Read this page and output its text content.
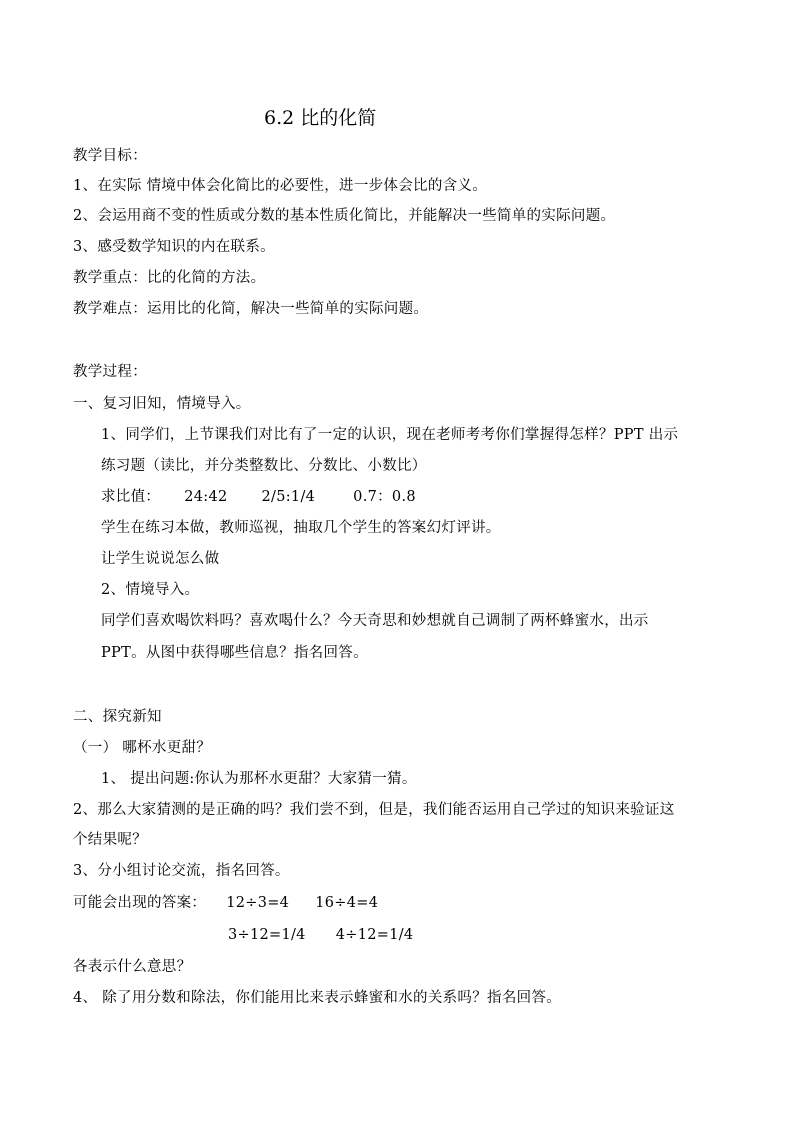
6.2 比的化简
教学目标：
1、在实际 情境中体会化简比的必要性，进一步体会比的含义。
2、会运用商不变的性质或分数的基本性质化简比，并能解决一些简单的实际问题。
3、感受数学知识的内在联系。
教学重点：比的化简的方法。
教学难点：运用比的化简，解决一些简单的实际问题。
教学过程：
一、复习旧知，情境导入。
1、同学们，上节课我们对比有了一定的认识，现在老师考考你们掌握得怎样？PPT 出示
练习题（读比，并分类整数比、分数比、小数比）
求比值： 24:42 2/5:1/4	0.7：0.8
学生在练习本做，教师巡视，抽取几个学生的答案幻灯评讲。
让学生说说怎么做
2、情境导入。
同学们喜欢喝饮料吗？喜欢喝什么？今天奇思和妙想就自己调制了两杯蜂蜜水，出示
PPT。从图中获得哪些信息？指名回答。
二、探究新知
（一） 哪杯水更甜？
1、 提出问题:你认为那杯水更甜？大家猜一猜。
2、那么大家猜测的是正确的吗？我们尝不到，但是，我们能否运用自己学过的知识来验证这
个结果呢？
3、分小组讨论交流，指名回答。
可能会出现的答案： 12÷3=4 16÷4=4
3÷12=1/4 4÷12=1/4
各表示什么意思？
4、 除了用分数和除法，你们能用比来表示蜂蜜和水的关系吗？指名回答。
